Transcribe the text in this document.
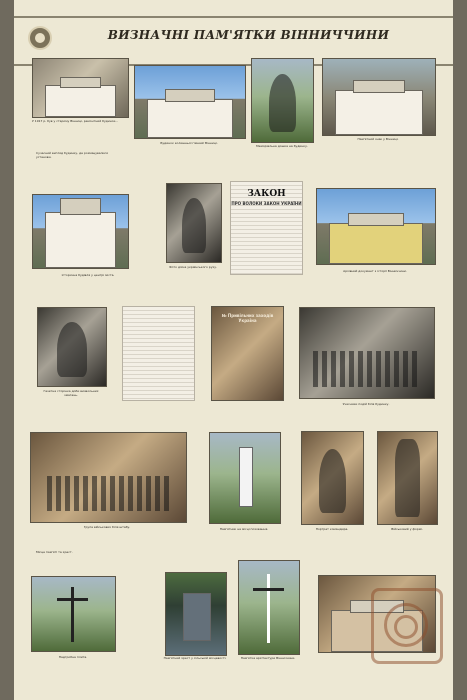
ВИЗНАЧНІ ПАМ'ЯТКИ ВІННИЧЧИНИ
У 1917 р. був у старому Вінниці, ремонтний будинок...
Будинок колишньої гімназії Вінниці.
Меморіальна дошка на будинку.
Пам'ятний знак у Вінниці.
Сучасний вигляд будинку, де розміщувалися установи.
Історична будівля у центрі міста.
Фото діяча українського руху.
ЗАКОН
ПРО ВОЛОКИ ЗАКОН УКРАЇНИ
Архівний документ з історії Вінниччини.
Газетна сторінка доби визвольних змагань.
№ Привільних заходів Україна
Учасники подій біля будинку.
Група військових біля штабу.	Пам'ятник на місці поховання.	Портрет командира.	Військовий у формі.
Місце пам'яті та хрест.
Надгробна плита.	Пам'ятний хрест у сільській місцевості.	Пам'ятка архітектури Вінниччини.
